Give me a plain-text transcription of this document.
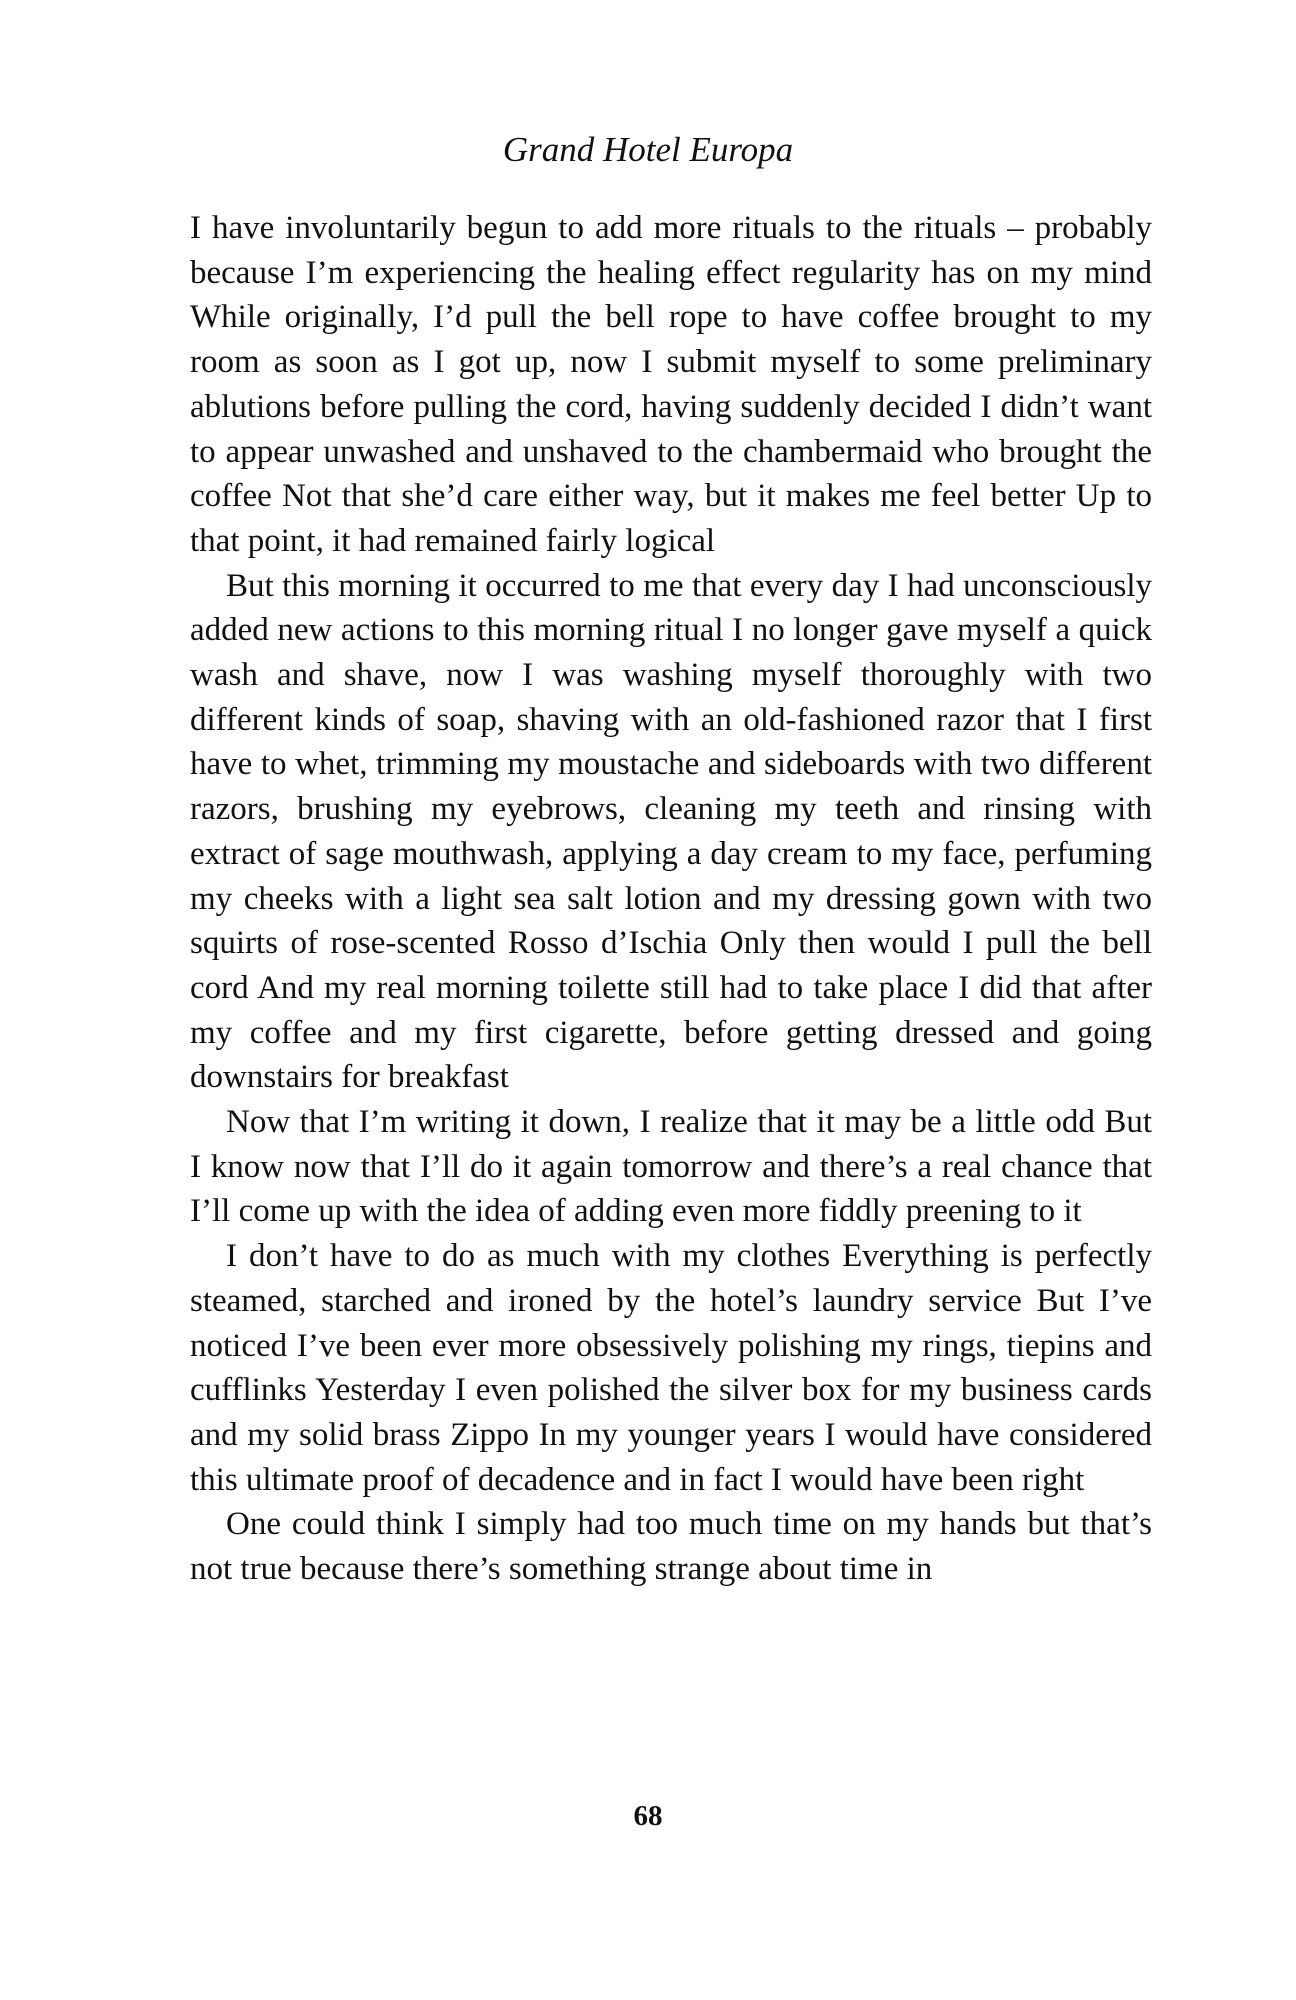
Grand Hotel Europa

I have involuntarily begun to add more rituals to the rituals – probably because I’m experiencing the healing effect regularity has on my mind While originally, I’d pull the bell rope to have coffee brought to my room as soon as I got up, now I submit myself to some preliminary ablutions before pulling the cord, having suddenly decided I didn’t want to appear unwashed and unshaved to the chambermaid who brought the coffee Not that she’d care either way, but it makes me feel better Up to that point, it had remained fairly logical

But this morning it occurred to me that every day I had unconsciously added new actions to this morning ritual I no longer gave myself a quick wash and shave, now I was washing myself thoroughly with two different kinds of soap, shaving with an old-fashioned razor that I first have to whet, trimming my moustache and sideboards with two different razors, brushing my eyebrows, cleaning my teeth and rinsing with extract of sage mouthwash, applying a day cream to my face, perfuming my cheeks with a light sea salt lotion and my dressing gown with two squirts of rose-scented Rosso d’Ischia Only then would I pull the bell cord And my real morning toilette still had to take place I did that after my coffee and my first cigarette, before getting dressed and going downstairs for breakfast

Now that I’m writing it down, I realize that it may be a little odd But I know now that I’ll do it again tomorrow and there’s a real chance that I’ll come up with the idea of adding even more fiddly preening to it

I don’t have to do as much with my clothes Everything is perfectly steamed, starched and ironed by the hotel’s laundry service But I’ve noticed I’ve been ever more obsessively polishing my rings, tiepins and cufflinks Yesterday I even polished the silver box for my business cards and my solid brass Zippo In my younger years I would have considered this ultimate proof of decadence and in fact I would have been right

One could think I simply had too much time on my hands but that’s not true because there’s something strange about time in

68
